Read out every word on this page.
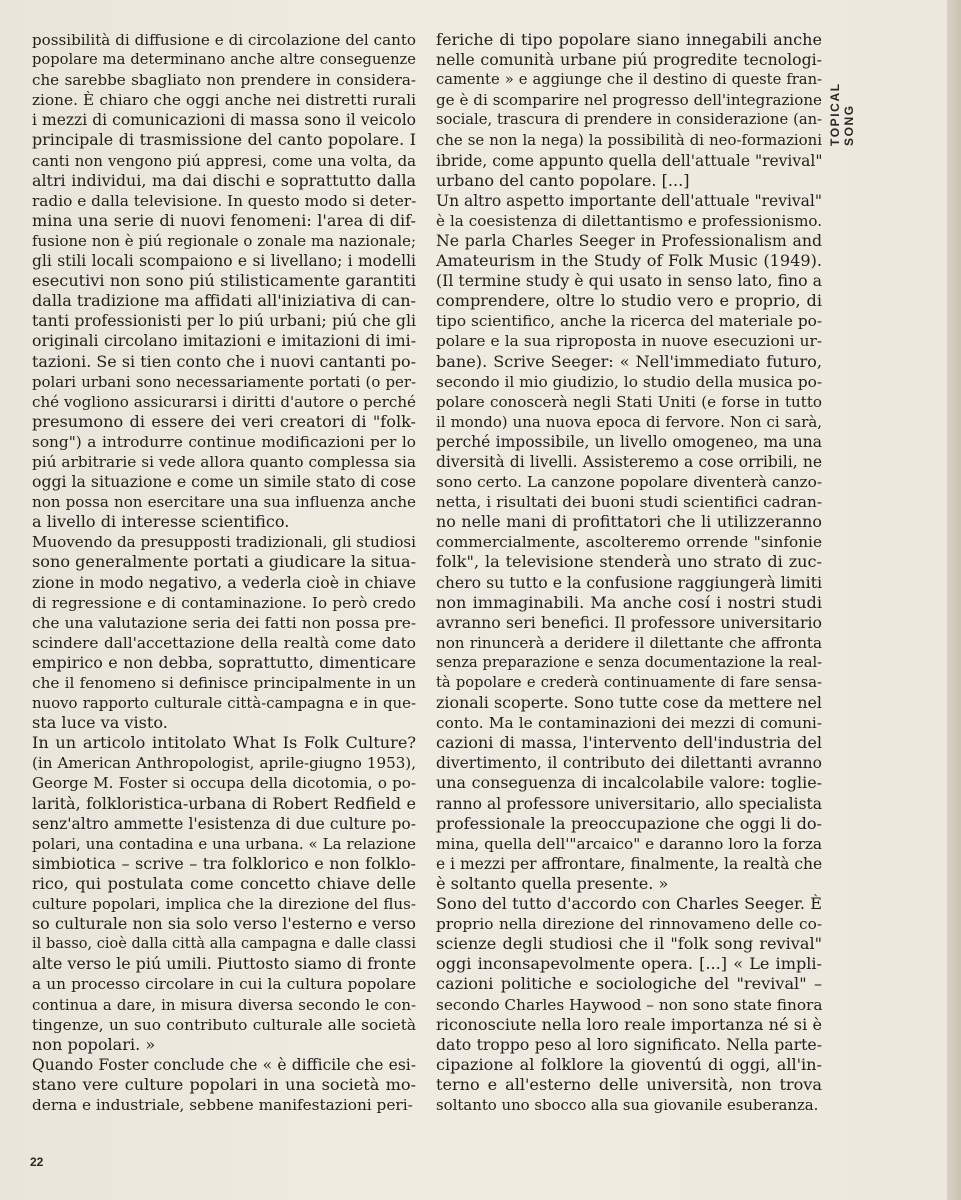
possibilità di diffusione e di circolazione del canto
popolare ma determinano anche altre conseguenze
che sarebbe sbagliato non prendere in considera-
zione. È chiaro che oggi anche nei distretti rurali
i mezzi di comunicazioni di massa sono il veicolo
principale di trasmissione del canto popolare. I
canti non vengono piú appresi, come una volta, da
altri individui, ma dai dischi e soprattutto dalla
radio e dalla televisione. In questo modo si deter-
mina una serie di nuovi fenomeni: l'area di dif-
fusione non è piú regionale o zonale ma nazionale;
gli stili locali scompaiono e si livellano; i modelli
esecutivi non sono piú stilisticamente garantiti
dalla tradizione ma affidati all'iniziativa di can-
tanti professionisti per lo piú urbani; piú che gli
originali circolano imitazioni e imitazioni di imi-
tazioni. Se si tien conto che i nuovi cantanti po-
polari urbani sono necessariamente portati (o per-
ché vogliono assicurarsi i diritti d'autore o perché
presumono di essere dei veri creatori di "folk-
song") a introdurre continue modificazioni per lo
piú arbitrarie si vede allora quanto complessa sia
oggi la situazione e come un simile stato di cose
non possa non esercitare una sua influenza anche
a livello di interesse scientifico.

Muovendo da presupposti tradizionali, gli studiosi
sono generalmente portati a giudicare la situa-
zione in modo negativo, a vederla cioè in chiave
di regressione e di contaminazione. Io però credo
che una valutazione seria dei fatti non possa pre-
scindere dall'accettazione della realtà come dato
empirico e non debba, soprattutto, dimenticare
che il fenomeno si definisce principalmente in un
nuovo rapporto culturale città-campagna e in que-
sta luce va visto.

In un articolo intitolato What Is Folk Culture?
(in American Anthropologist, aprile-giugno 1953),
George M. Foster si occupa della dicotomia, o po-
larità, folkloristica-urbana di Robert Redfield e
senz'altro ammette l'esistenza di due culture po-
polari, una contadina e una urbana. « La relazione
simbiotica – scrive – tra folklorico e non folklo-
rico, qui postulata come concetto chiave delle
culture popolari, implica che la direzione del flus-
so culturale non sia solo verso l'esterno e verso
il basso, cioè dalla città alla campagna e dalle classi
alte verso le piú umili. Piuttosto siamo di fronte
a un processo circolare in cui la cultura popolare
continua a dare, in misura diversa secondo le con-
tingenze, un suo contributo culturale alle società
non popolari. »

Quando Foster conclude che « è difficile che esi-
stano vere culture popolari in una società mo-
derna e industriale, sebbene manifestazioni peri-

feriche di tipo popolare siano innegabili anche
nelle comunità urbane piú progredite tecnologi-
camente » e aggiunge che il destino di queste fran-
ge è di scomparire nel progresso dell'integrazione
sociale, trascura di prendere in considerazione (an-
che se non la nega) la possibilità di neo-formazioni
ibride, come appunto quella dell'attuale "revival"
urbano del canto popolare. [...]

Un altro aspetto importante dell'attuale "revival"
è la coesistenza di dilettantismo e professionismo.
Ne parla Charles Seeger in Professionalism and
Amateurism in the Study of Folk Music (1949).
(Il termine study è qui usato in senso lato, fino a
comprendere, oltre lo studio vero e proprio, di
tipo scientifico, anche la ricerca del materiale po-
polare e la sua riproposta in nuove esecuzioni ur-
bane). Scrive Seeger: « Nell'immediato futuro,
secondo il mio giudizio, lo studio della musica po-
polare conoscerà negli Stati Uniti (e forse in tutto
il mondo) una nuova epoca di fervore. Non ci sarà,
perché impossibile, un livello omogeneo, ma una
diversità di livelli. Assisteremo a cose orribili, ne
sono certo. La canzone popolare diventerà canzo-
netta, i risultati dei buoni studi scientifici cadran-
no nelle mani di profittatori che li utilizzeranno
commercialmente, ascolteremo orrende "sinfonie
folk", la televisione stenderà uno strato di zuc-
chero su tutto e la confusione raggiungerà limiti
non immaginabili. Ma anche cosí i nostri studi
avranno seri benefici. Il professore universitario
non rinuncerà a deridere il dilettante che affronta
senza preparazione e senza documentazione la real-
tà popolare e crederà continuamente di fare sensa-
zionali scoperte. Sono tutte cose da mettere nel
conto. Ma le contaminazioni dei mezzi di comuni-
cazioni di massa, l'intervento dell'industria del
divertimento, il contributo dei dilettanti avranno
una conseguenza di incalcolabile valore: toglie-
ranno al professore universitario, allo specialista
professionale la preoccupazione che oggi li do-
mina, quella dell'"arcaico" e daranno loro la forza
e i mezzi per affrontare, finalmente, la realtà che
è soltanto quella presente. »

Sono del tutto d'accordo con Charles Seeger. È
proprio nella direzione del rinnovameno delle co-
scienze degli studiosi che il "folk song revival"
oggi inconsapevolmente opera. [...] « Le impli-
cazioni politiche e sociologiche del "revival" –
secondo Charles Haywood – non sono state finora
riconosciute nella loro reale importanza né si è
dato troppo peso al loro significato. Nella parte-
cipazione al folklore la gioventú di oggi, all'in-
terno e all'esterno delle università, non trova
soltanto uno sbocco alla sua giovanile esuberanza.

TOPICAL SONG
22
